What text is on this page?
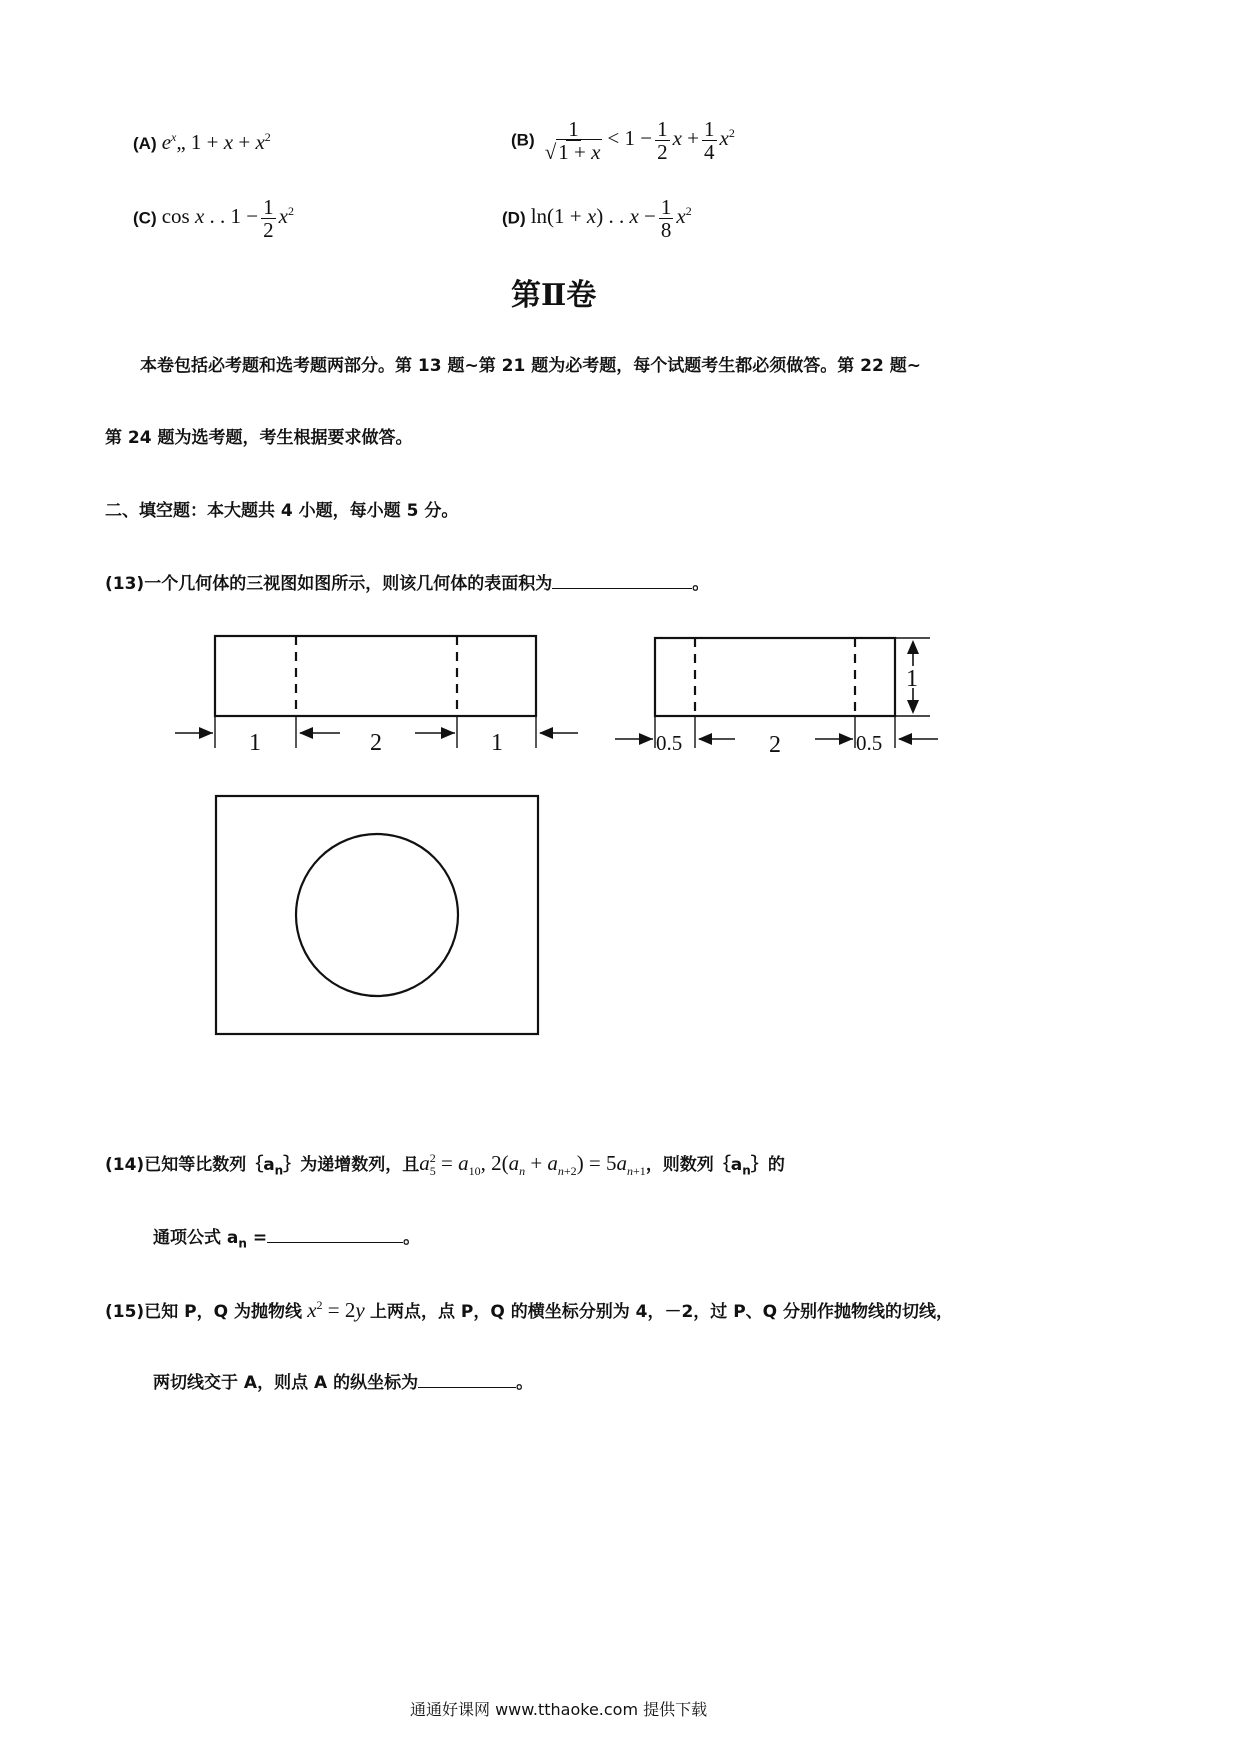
(A) $e^x„$ $1 + x + x^2$	$(B) \frac{1}{√1 + x} < 1 - \frac{1}{2}$ $x + \frac{1}{4} x^2$
(C) cos x . . $1 - \frac{1}{2} x^2$	(D) ln(1 + x) . . $x - \frac{1}{8} x^2$
第Ⅱ卷
本卷包括必考题和选考题两部分。第 13 题~第 21 题为必考题，每个试题考生都必须做答。第 22 题~
第 24 题为选考题，考生根据要求做答。
二、填空题：本大题共 4 小题，每小题 5 分。
(13)一个几何体的三视图如图所示，则该几何体的表面积为	。
1	2	1	0.5	2	0.5
1
(14)已知等比数列$\{a_n\}$为递增数列，且$a_5^2 = a_{10}$, $2(a_n + a_{n+2}) = 5a_{n+1}$，则数列$\{a_n\}$的
通项公式 $a_n$ =	。
(15)已知 P，Q 为抛物线 $x^2 = 2y$ 上两点，点 P，Q 的横坐标分别为 4，－2，过 P、Q 分别作抛物线的切线，
两切线交于 A，则点 A 的纵坐标为	。
通通好课网 www.tthaoke.com 提供下载
